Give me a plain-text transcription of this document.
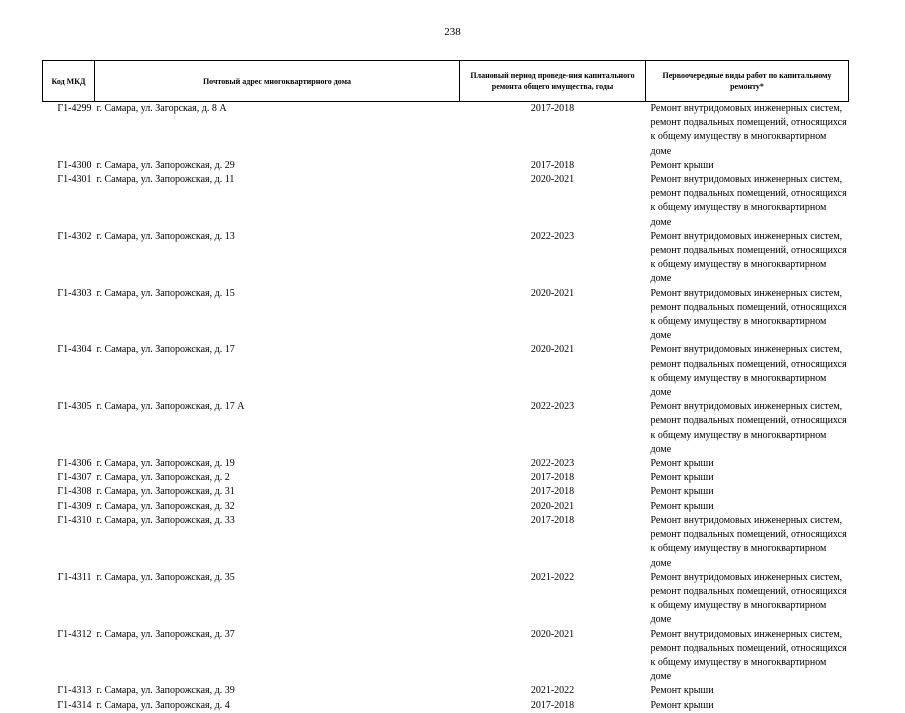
238
Код МКД	Почтовый адрес многоквартирного дома	Плановый период проведе-ния капитального ремонта общего имущества, годы	Первоочередные виды работ по капитальному ремонту*
Г1-4299	г. Самара, ул. Загорская, д. 8 А	2017-2018	Ремонт внутридомовых инженерных систем, ремонт подвальных помещений, относящихся к общему имуществу в многоквартирном доме
Г1-4300	г. Самара, ул. Запорожская, д. 29	2017-2018	Ремонт крыши
Г1-4301	г. Самара, ул. Запорожская, д. 11	2020-2021	Ремонт внутридомовых инженерных систем, ремонт подвальных помещений, относящихся к общему имуществу в многоквартирном доме
Г1-4302	г. Самара, ул. Запорожская, д. 13	2022-2023	Ремонт внутридомовых инженерных систем, ремонт подвальных помещений, относящихся к общему имуществу в многоквартирном доме
Г1-4303	г. Самара, ул. Запорожская, д. 15	2020-2021	Ремонт внутридомовых инженерных систем, ремонт подвальных помещений, относящихся к общему имуществу в многоквартирном доме
Г1-4304	г. Самара, ул. Запорожская, д. 17	2020-2021	Ремонт внутридомовых инженерных систем, ремонт подвальных помещений, относящихся к общему имуществу в многоквартирном доме
Г1-4305	г. Самара, ул. Запорожская, д. 17 А	2022-2023	Ремонт внутридомовых инженерных систем, ремонт подвальных помещений, относящихся к общему имуществу в многоквартирном доме
Г1-4306	г. Самара, ул. Запорожская, д. 19	2022-2023	Ремонт крыши
Г1-4307	г. Самара, ул. Запорожская, д. 2	2017-2018	Ремонт крыши
Г1-4308	г. Самара, ул. Запорожская, д. 31	2017-2018	Ремонт крыши
Г1-4309	г. Самара, ул. Запорожская, д. 32	2020-2021	Ремонт крыши
Г1-4310	г. Самара, ул. Запорожская, д. 33	2017-2018	Ремонт внутридомовых инженерных систем, ремонт подвальных помещений, относящихся к общему имуществу в многоквартирном доме
Г1-4311	г. Самара, ул. Запорожская, д. 35	2021-2022	Ремонт внутридомовых инженерных систем, ремонт подвальных помещений, относящихся к общему имуществу в многоквартирном доме
Г1-4312	г. Самара, ул. Запорожская, д. 37	2020-2021	Ремонт внутридомовых инженерных систем, ремонт подвальных помещений, относящихся к общему имуществу в многоквартирном доме
Г1-4313	г. Самара, ул. Запорожская, д. 39	2021-2022	Ремонт крыши
Г1-4314	г. Самара, ул. Запорожская, д. 4	2017-2018	Ремонт крыши
